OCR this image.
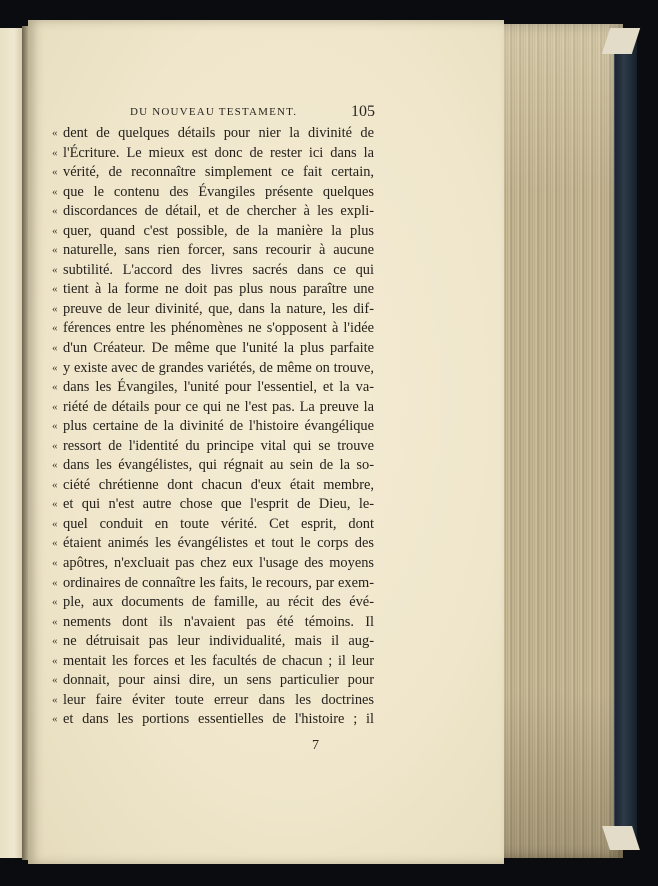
DU NOUVEAU TESTAMENT.	105
« dent de quelques détails pour nier la divinité de
« l'Écriture. Le mieux est donc de rester ici dans la
« vérité, de reconnaître simplement ce fait certain,
« que le contenu des Évangiles présente quelques
« discordances de détail, et de chercher à les expli-
« quer, quand c'est possible, de la manière la plus
« naturelle, sans rien forcer, sans recourir à aucune
« subtilité. L'accord des livres sacrés dans ce qui
« tient à la forme ne doit pas plus nous paraître une
« preuve de leur divinité, que, dans la nature, les dif-
« férences entre les phénomènes ne s'opposent à l'idée
« d'un Créateur. De même que l'unité la plus parfaite
« y existe avec de grandes variétés, de même on trouve,
« dans les Évangiles, l'unité pour l'essentiel, et la va-
« riété de détails pour ce qui ne l'est pas. La preuve la
« plus certaine de la divinité de l'histoire évangélique
« ressort de l'identité du principe vital qui se trouve
« dans les évangélistes, qui régnait au sein de la so-
« ciété chrétienne dont chacun d'eux était membre,
« et qui n'est autre chose que l'esprit de Dieu, le-
« quel conduit en toute vérité. Cet esprit, dont
« étaient animés les évangélistes et tout le corps des
« apôtres, n'excluait pas chez eux l'usage des moyens
« ordinaires de connaître les faits, le recours, par exem-
« ple, aux documents de famille, au récit des évé-
« nements dont ils n'avaient pas été témoins. Il
« ne détruisait pas leur individualité, mais il aug-
« mentait les forces et les facultés de chacun ; il leur
« donnait, pour ainsi dire, un sens particulier pour
« leur faire éviter toute erreur dans les doctrines
« et dans les portions essentielles de l'histoire ; il
7
